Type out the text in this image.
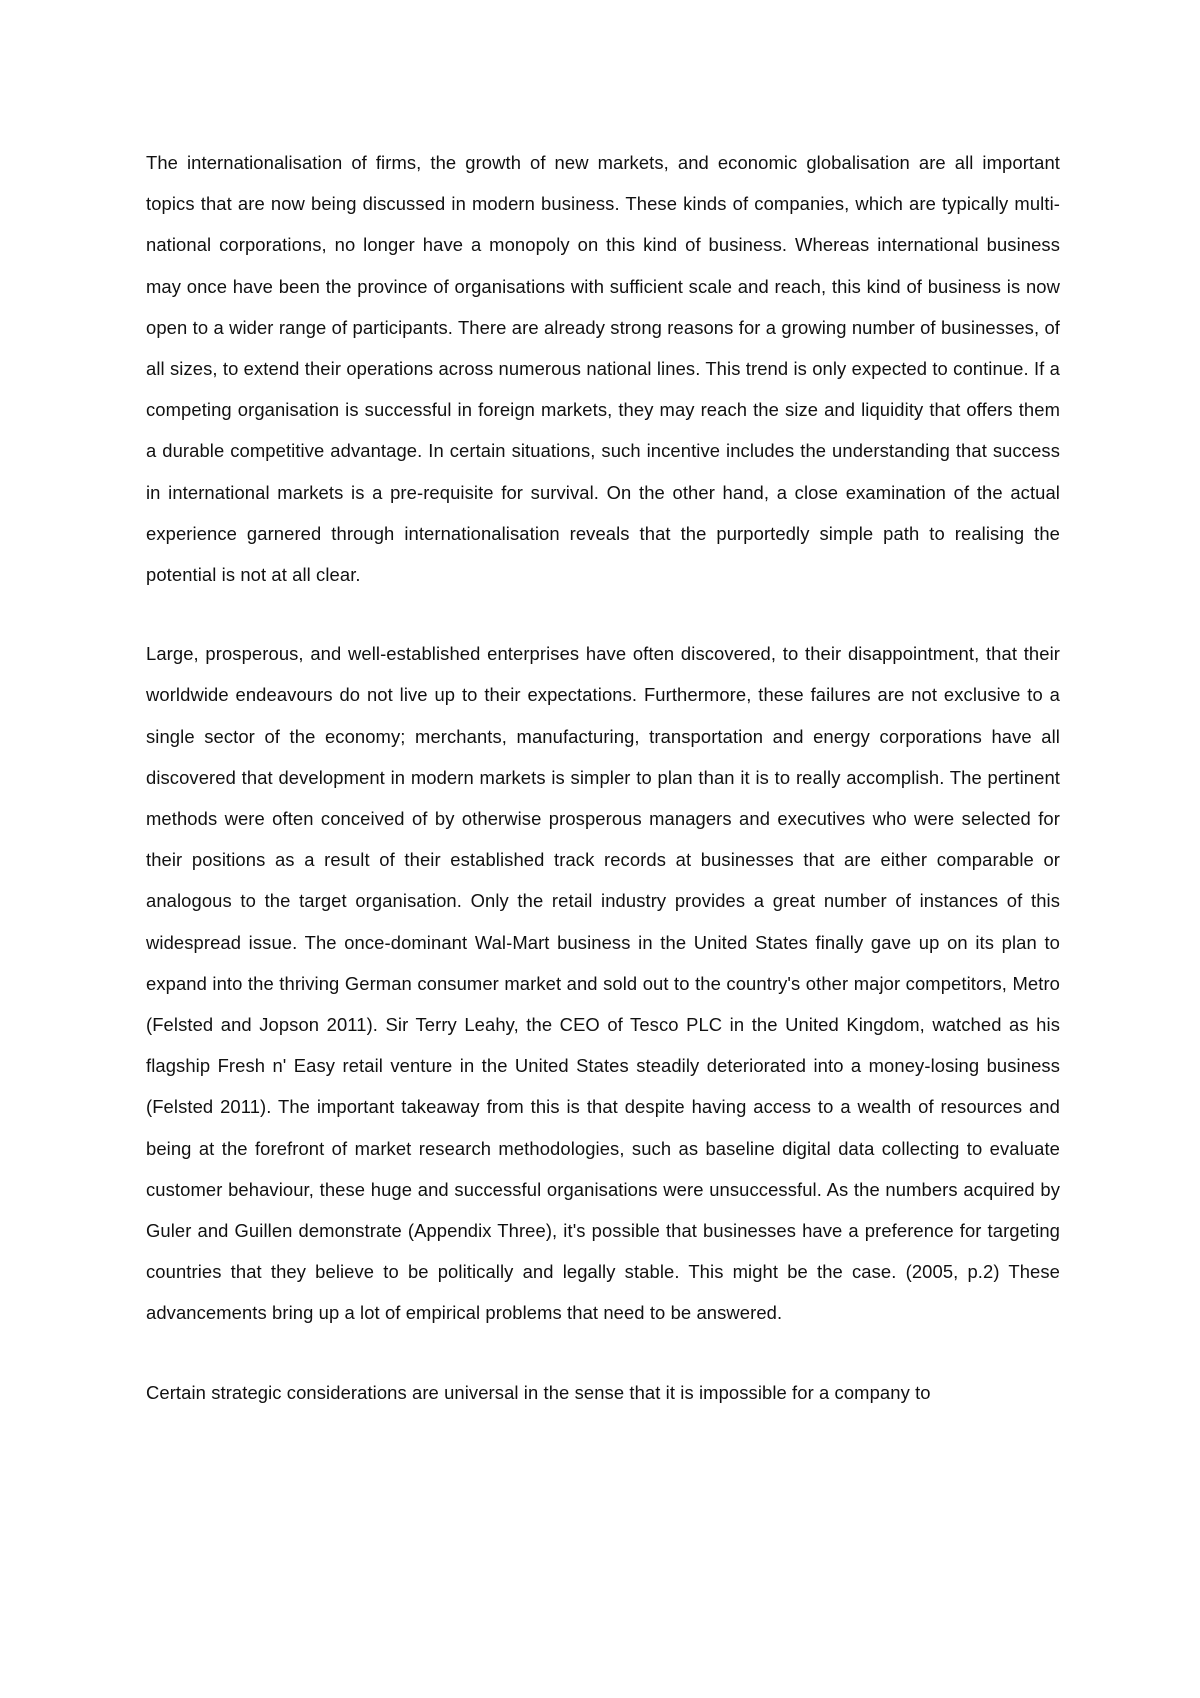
The internationalisation of firms, the growth of new markets, and economic globalisation are all important topics that are now being discussed in modern business. These kinds of companies, which are typically multi-national corporations, no longer have a monopoly on this kind of business. Whereas international business may once have been the province of organisations with sufficient scale and reach, this kind of business is now open to a wider range of participants. There are already strong reasons for a growing number of businesses, of all sizes, to extend their operations across numerous national lines. This trend is only expected to continue. If a competing organisation is successful in foreign markets, they may reach the size and liquidity that offers them a durable competitive advantage. In certain situations, such incentive includes the understanding that success in international markets is a pre-requisite for survival. On the other hand, a close examination of the actual experience garnered through internationalisation reveals that the purportedly simple path to realising the potential is not at all clear.

Large, prosperous, and well-established enterprises have often discovered, to their disappointment, that their worldwide endeavours do not live up to their expectations. Furthermore, these failures are not exclusive to a single sector of the economy; merchants, manufacturing, transportation and energy corporations have all discovered that development in modern markets is simpler to plan than it is to really accomplish. The pertinent methods were often conceived of by otherwise prosperous managers and executives who were selected for their positions as a result of their established track records at businesses that are either comparable or analogous to the target organisation. Only the retail industry provides a great number of instances of this widespread issue. The once-dominant Wal-Mart business in the United States finally gave up on its plan to expand into the thriving German consumer market and sold out to the country's other major competitors, Metro (Felsted and Jopson 2011). Sir Terry Leahy, the CEO of Tesco PLC in the United Kingdom, watched as his flagship Fresh n' Easy retail venture in the United States steadily deteriorated into a money-losing business (Felsted 2011). The important takeaway from this is that despite having access to a wealth of resources and being at the forefront of market research methodologies, such as baseline digital data collecting to evaluate customer behaviour, these huge and successful organisations were unsuccessful. As the numbers acquired by Guler and Guillen demonstrate (Appendix Three), it's possible that businesses have a preference for targeting countries that they believe to be politically and legally stable. This might be the case. (2005, p.2) These advancements bring up a lot of empirical problems that need to be answered.

Certain strategic considerations are universal in the sense that it is impossible for a company to
